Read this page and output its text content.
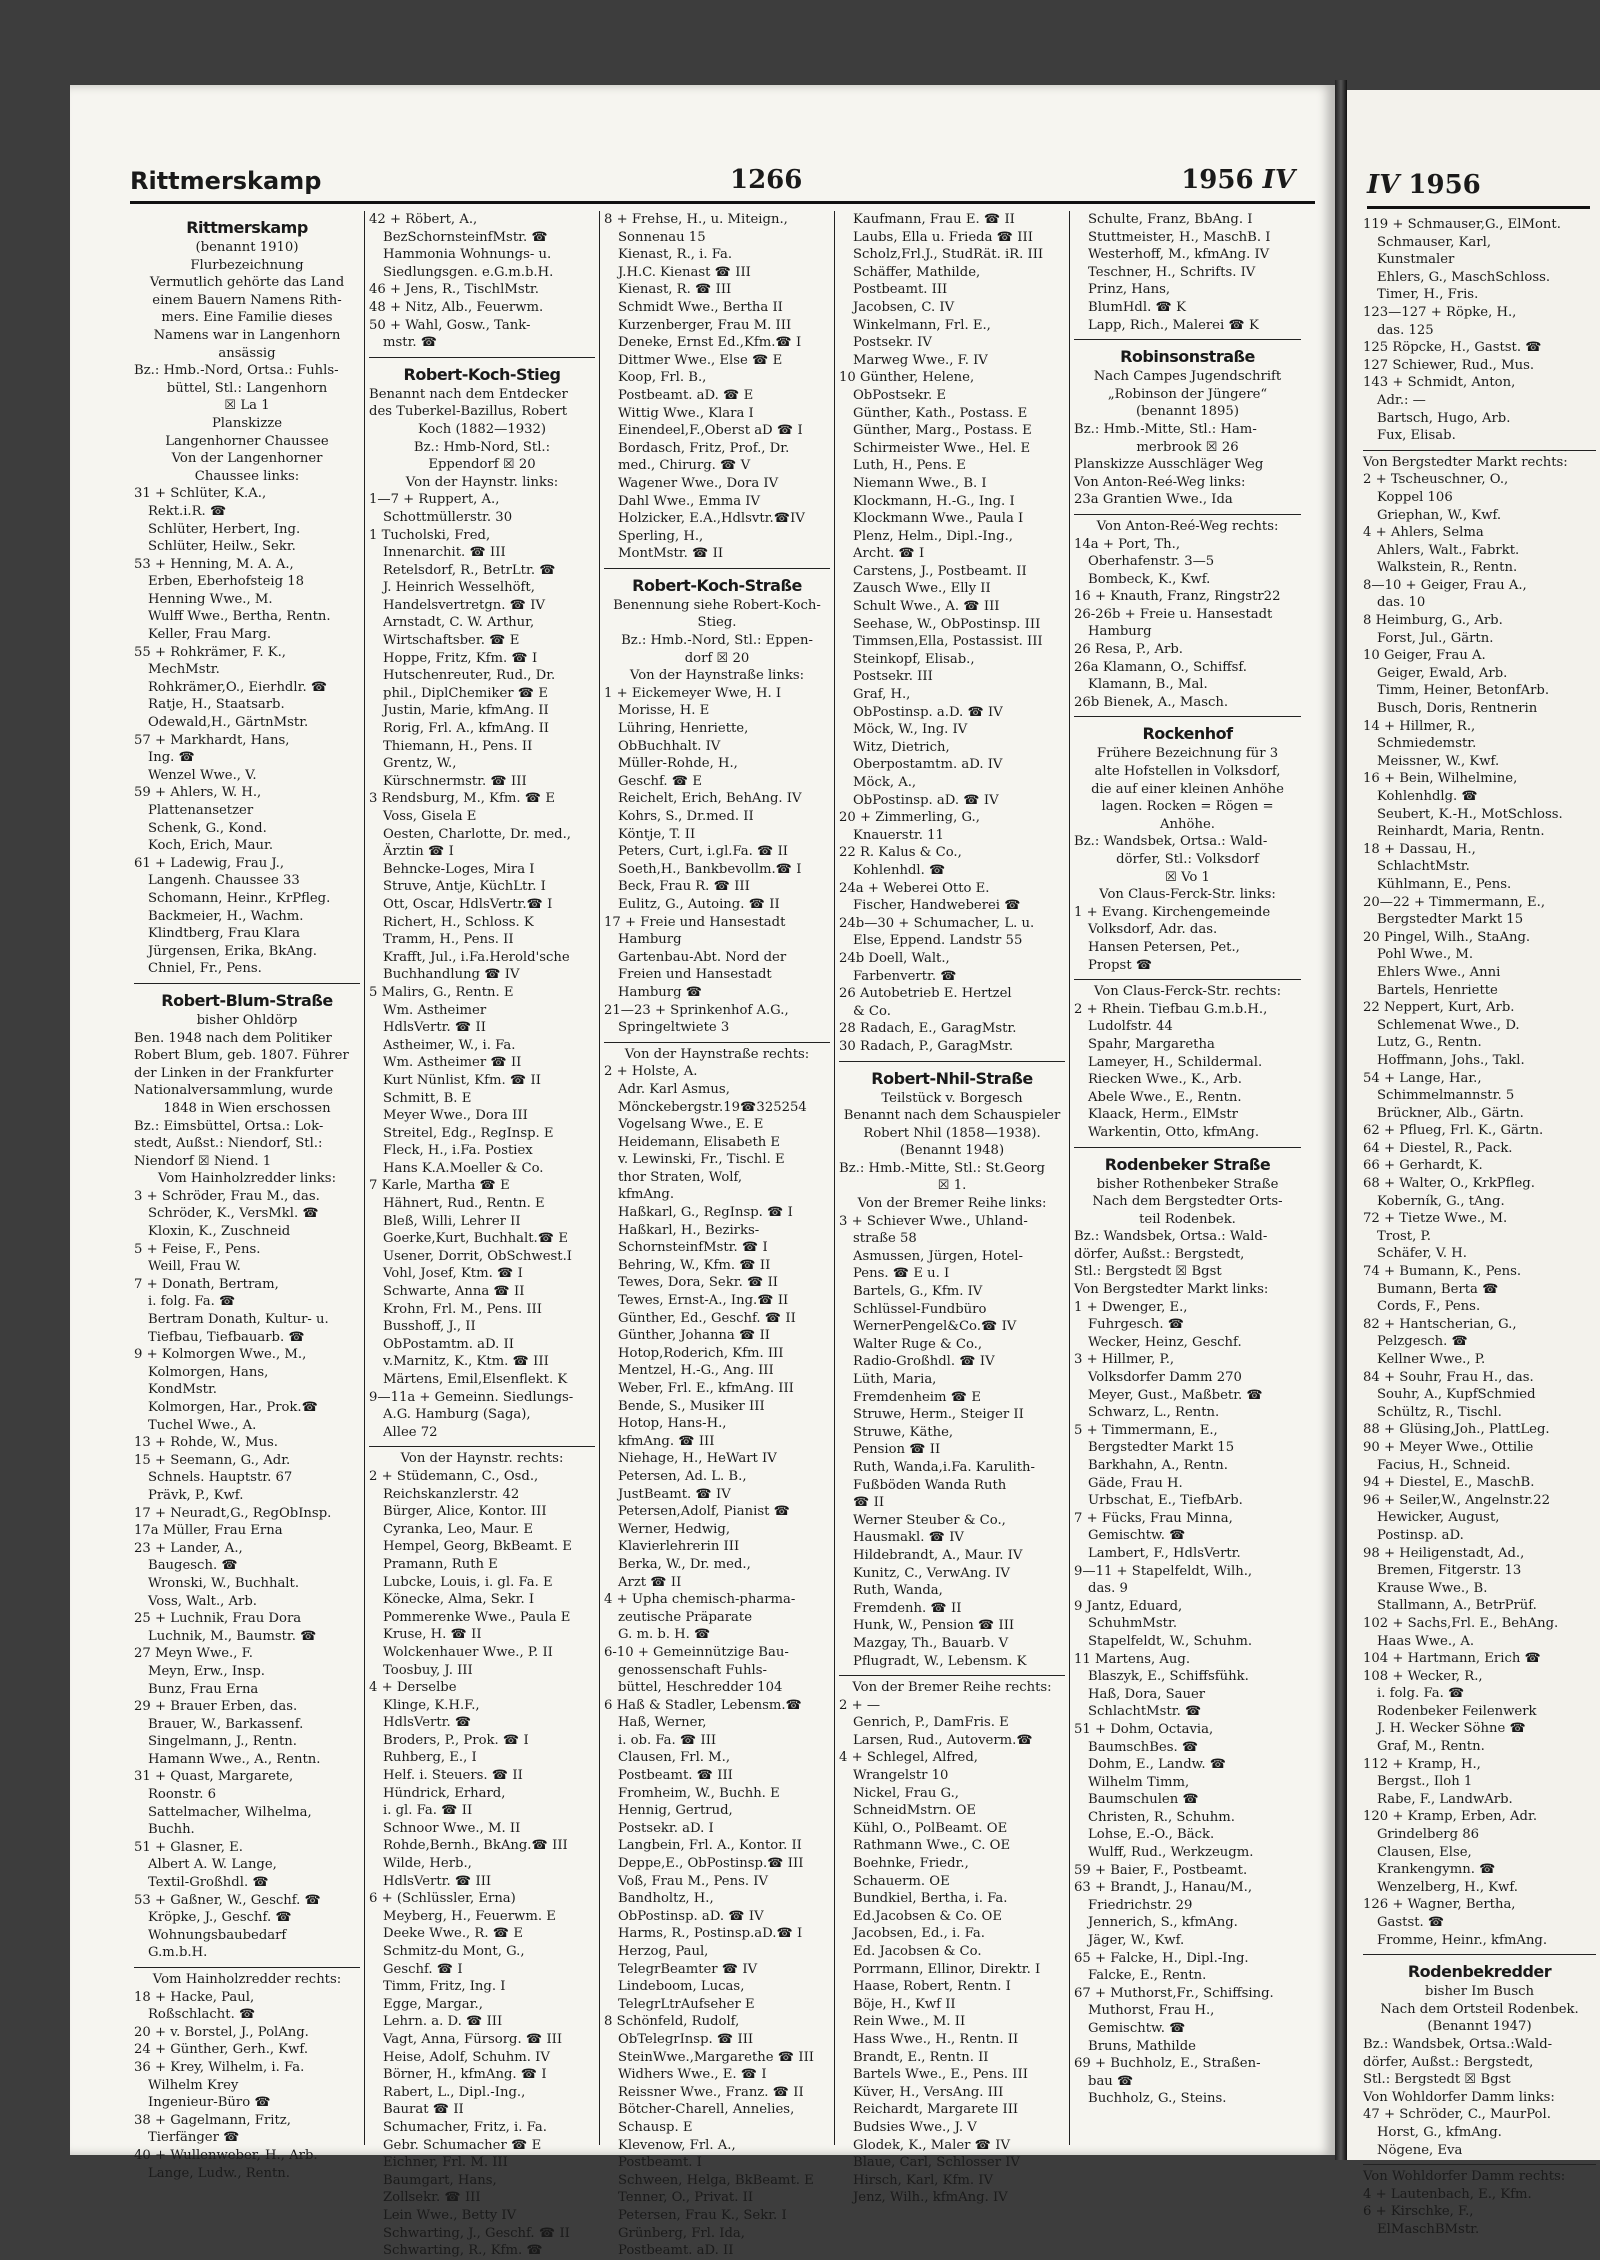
Rittmerskamp	1266	1956 IV
Rittmerskamp
(benannt 1910)
Flurbezeichnung
Vermutlich gehörte das Land
einem Bauern Namens Rith-
mers. Eine Familie dieses
Namens war in Langenhorn
ansässig
Bz.: Hmb.-Nord, Ortsa.: Fuhls-
büttel, Stl.: Langenhorn
☒ La 1
Planskizze
Langenhorner Chaussee
Von der Langenhorner
Chaussee links:
31 + Schlüter, K.A.,
Rekt.i.R. ☎
Schlüter, Herbert, Ing.
Schlüter, Heilw., Sekr.
53 + Henning, M. A. A.,
Erben, Eberhofsteig 18
Henning Wwe., M.
Wulff Wwe., Bertha, Rentn.
Keller, Frau Marg.
55 + Rohkrämer, F. K.,
MechMstr.
Rohkrämer,O., Eierhdlr. ☎
Ratje, H., Staatsarb.
Odewald,H., GärtnMstr.
57 + Markhardt, Hans,
Ing. ☎
Wenzel Wwe., V.
59 + Ahlers, W. H.,
Plattenansetzer
Schenk, G., Kond.
Koch, Erich, Maur.
61 + Ladewig, Frau J.,
Langenh. Chaussee 33
Schomann, Heinr., KrPfleg.
Backmeier, H., Wachm.
Klindtberg, Frau Klara
Jürgensen, Erika, BkAng.
Chniel, Fr., Pens.
Robert-Blum-Straße
bisher Ohldörp
Ben. 1948 nach dem Politiker
Robert Blum, geb. 1807. Führer
der Linken in der Frankfurter
Nationalversammlung, wurde
1848 in Wien erschossen
Bz.: Eimsbüttel, Ortsa.: Lok-
stedt, Außst.: Niendorf, Stl.:
Niendorf ☒ Niend. 1
Vom Hainholzredder links:
3 + Schröder, Frau M., das.
Schröder, K., VersMkl. ☎
Kloxin, K., Zuschneid
5 + Feise, F., Pens.
Weill, Frau W.
7 + Donath, Bertram,
i. folg. Fa. ☎
Bertram Donath, Kultur- u.
Tiefbau, Tiefbauarb. ☎
9 + Kolmorgen Wwe., M.,
Kolmorgen, Hans,
KondMstr.
Kolmorgen, Har., Prok.☎
Tuchel Wwe., A.
13 + Rohde, W., Mus.
15 + Seemann, G., Adr.
Schnels. Hauptstr. 67
Prävk, P., Kwf.
17 + Neuradt,G., RegObInsp.
17a Müller, Frau Erna
23 + Lander, A.,
Baugesch. ☎
Wronski, W., Buchhalt.
Voss, Walt., Arb.
25 + Luchnik, Frau Dora
Luchnik, M., Baumstr. ☎
27 Meyn Wwe., F.
Meyn, Erw., Insp.
Bunz, Frau Erna
29 + Brauer Erben, das.
Brauer, W., Barkassenf.
Singelmann, J., Rentn.
Hamann Wwe., A., Rentn.
31 + Quast, Margarete,
Roonstr. 6
Sattelmacher, Wilhelma,
Buchh.
51 + Glasner, E.
Albert A. W. Lange,
Textil-Großhdl. ☎
53 + Gaßner, W., Geschf. ☎
Kröpke, J., Geschf. ☎
Wohnungsbaubedarf
G.m.b.H.
Vom Hainholzredder rechts:
18 + Hacke, Paul,
Roßschlacht. ☎
20 + v. Borstel, J., PolAng.
24 + Günther, Gerh., Kwf.
36 + Krey, Wilhelm, i. Fa.
Wilhelm Krey
Ingenieur-Büro ☎
38 + Gagelmann, Fritz,
Tierfänger ☎
40 + Wullenweber, H., Arb.
Lange, Ludw., Rentn.
42 + Röbert, A.,
BezSchornsteinfMstr. ☎
Hammonia Wohnungs- u.
Siedlungsgen. e.G.m.b.H.
46 + Jens, R., TischlMstr.
48 + Nitz, Alb., Feuerwm.
50 + Wahl, Gosw., Tank-
mstr. ☎
Robert-Koch-Stieg
Benannt nach dem Entdecker
des Tuberkel-Bazillus, Robert
Koch (1882—1932)
Bz.: Hmb-Nord, Stl.:
Eppendorf ☒ 20
Von der Haynstr. links:
1—7 + Ruppert, A.,
Schottmüllerstr. 30
1 Tucholski, Fred,
Innenarchit. ☎ III
Retelsdorf, R., BetrLtr. ☎
J. Heinrich Wesselhöft,
Handelsvertretgn. ☎ IV
Arnstadt, C. W. Arthur,
Wirtschaftsber. ☎ E
Hoppe, Fritz, Kfm. ☎ I
Hutschenreuter, Rud., Dr.
phil., DiplChemiker ☎ E
Justin, Marie, kfmAng. II
Rorig, Frl. A., kfmAng. II
Thiemann, H., Pens. II
Grentz, W.,
Kürschnermstr. ☎ III
3 Rendsburg, M., Kfm. ☎ E
Voss, Gisela E
Oesten, Charlotte, Dr. med.,
Ärztin ☎ I
Behncke-Loges, Mira I
Struve, Antje, KüchLtr. I
Ott, Oscar, HdlsVertr.☎ I
Richert, H., Schloss. K
Tramm, H., Pens. II
Krafft, Jul., i.Fa.Herold'sche
Buchhandlung ☎ IV
5 Malirs, G., Rentn. E
Wm. Astheimer
HdlsVertr. ☎ II
Astheimer, W., i. Fa.
Wm. Astheimer ☎ II
Kurt Nünlist, Kfm. ☎ II
Schmitt, B. E
Meyer Wwe., Dora III
Streitel, Edg., RegInsp. E
Fleck, H., i.Fa. Postiex
Hans K.A.Moeller & Co.
7 Karle, Martha ☎ E
Hähnert, Rud., Rentn. E
Bleß, Willi, Lehrer II
Goerke,Kurt, Buchhalt.☎ E
Usener, Dorrit, ObSchwest.I
Vohl, Josef, Ktm. ☎ I
Schwarte, Anna ☎ II
Krohn, Frl. M., Pens. III
Busshoff, J., II
ObPostamtm. aD. II
v.Marnitz, K., Ktm. ☎ III
Märtens, Emil,Elsenflekt. K
9—11a + Gemeinn. Siedlungs-
A.G. Hamburg (Saga),
Allee 72
Von der Haynstr. rechts:
2 + Stüdemann, C., Osd.,
Reichskanzlerstr. 42
Bürger, Alice, Kontor. III
Cyranka, Leo, Maur. E
Hempel, Georg, BkBeamt. E
Pramann, Ruth E
Lubcke, Louis, i. gl. Fa. E
Könecke, Alma, Sekr. I
Pommerenke Wwe., Paula E
Kruse, H. ☎ II
Wolckenhauer Wwe., P. II
Toosbuy, J. III
4 + Derselbe
Klinge, K.H.F.,
HdlsVertr. ☎
Broders, P., Prok. ☎ I
Ruhberg, E., I
Helf. i. Steuers. ☎ II
Hündrick, Erhard,
i. gl. Fa. ☎ II
Schnoor Wwe., M. II
Rohde,Bernh., BkAng.☎ III
Wilde, Herb.,
HdlsVertr. ☎ III
6 + (Schlüssler, Erna)
Meyberg, H., Feuerwm. E
Deeke Wwe., R. ☎ E
Schmitz-du Mont, G.,
Geschf. ☎ I
Timm, Fritz, Ing. I
Egge, Margar.,
Lehrn. a. D. ☎ III
Vagt, Anna, Fürsorg. ☎ III
Heise, Adolf, Schuhm. IV
Börner, H., kfmAng. ☎ I
Rabert, L., Dipl.-Ing.,
Baurat ☎ II
Schumacher, Fritz, i. Fa.
Gebr. Schumacher ☎ E
Eichner, Frl. M. III
Baumgart, Hans,
Zollsekr. ☎ III
Lein Wwe., Betty IV
Schwarting, J., Geschf. ☎ II
Schwarting, R., Kfm. ☎
8 + Frehse, H., u. Miteign.,
Sonnenau 15
Kienast, R., i. Fa.
J.H.C. Kienast ☎ III
Kienast, R. ☎ III
Schmidt Wwe., Bertha II
Kurzenberger, Frau M. III
Deneke, Ernst Ed.,Kfm.☎ I
Dittmer Wwe., Else ☎ E
Koop, Frl. B.,
Postbeamt. aD. ☎ E
Wittig Wwe., Klara I
Einendeel,F.,Oberst aD ☎ I
Bordasch, Fritz, Prof., Dr.
med., Chirurg. ☎ V
Wagener Wwe., Dora IV
Dahl Wwe., Emma IV
Holzicker, E.A.,Hdlsvtr.☎IV
Sperling, H.,
MontMstr. ☎ II
Robert-Koch-Straße
Benennung siehe Robert-Koch-
Stieg.
Bz.: Hmb.-Nord, Stl.: Eppen-
dorf ☒ 20
Von der Haynstraße links:
1 + Eickemeyer Wwe, H. I
Morisse, H. E
Lühring, Henriette,
ObBuchhalt. IV
Müller-Rohde, H.,
Geschf. ☎ E
Reichelt, Erich, BehAng. IV
Kohrs, S., Dr.med. II
Köntje, T. II
Peters, Curt, i.gl.Fa. ☎ II
Soeth,H., Bankbevollm.☎ I
Beck, Frau R. ☎ III
Eulitz, G., Autoing. ☎ II
17 + Freie und Hansestadt
Hamburg
Gartenbau-Abt. Nord der
Freien und Hansestadt
Hamburg ☎
21—23 + Sprinkenhof A.G.,
Springeltwiete 3
Von der Haynstraße rechts:
2 + Holste, A.
Adr. Karl Asmus,
Mönckebergstr.19☎325254
Vogelsang Wwe., E. E
Heidemann, Elisabeth E
v. Lewinski, Fr., Tischl. E
thor Straten, Wolf,
kfmAng.
Haßkarl, G., RegInsp. ☎ I
Haßkarl, H., Bezirks-
SchornsteinfMstr. ☎ I
Behring, W., Kfm. ☎ II
Tewes, Dora, Sekr. ☎ II
Tewes, Ernst-A., Ing.☎ II
Günther, Ed., Geschf. ☎ II
Günther, Johanna ☎ II
Hotop,Roderich, Kfm. III
Mentzel, H.-G., Ang. III
Weber, Frl. E., kfmAng. III
Bende, S., Musiker III
Hotop, Hans-H.,
kfmAng. ☎ III
Niehage, H., HeWart IV
Petersen, Ad. L. B.,
JustBeamt. ☎ IV
Petersen,Adolf, Pianist ☎
Werner, Hedwig,
Klavierlehrerin III
Berka, W., Dr. med.,
Arzt ☎ II
4 + Upha chemisch-pharma-
zeutische Präparate
G. m. b. H. ☎
6-10 + Gemeinnützige Bau-
genossenschaft Fuhls-
büttel, Heschredder 104
6 Haß & Stadler, Lebensm.☎
Haß, Werner,
i. ob. Fa. ☎ III
Clausen, Frl. M.,
Postbeamt. ☎ III
Fromheim, W., Buchh. E
Hennig, Gertrud,
Postsekr. aD. I
Langbein, Frl. A., Kontor. II
Deppe,E., ObPostinsp.☎ III
Voß, Frau M., Pens. IV
Bandholtz, H.,
ObPostinsp. aD. ☎ IV
Harms, R., Postinsp.aD.☎ I
Herzog, Paul,
TelegrBeamter ☎ IV
Lindeboom, Lucas,
TelegrLtrAufseher E
8 Schönfeld, Rudolf,
ObTelegrInsp. ☎ III
SteinWwe.,Margarethe ☎ III
Widhers Wwe., E. ☎ I
Reissner Wwe., Franz. ☎ II
Bötcher-Charell, Annelies,
Schausp. E
Klevenow, Frl. A.,
Postbeamt. I
Schween, Helga, BkBeamt. E
Tenner, O., Privat. II
Petersen, Frau K., Sekr. I
Grünberg, Frl. Ida,
Postbeamt. aD. II
Kaufmann, Frau E. ☎ II
Laubs, Ella u. Frieda ☎ III
Scholz,Frl.J., StudRät. iR. III
Schäffer, Mathilde,
Postbeamt. III
Jacobsen, C. IV
Winkelmann, Frl. E.,
Postsekr. IV
Marweg Wwe., F. IV
10 Günther, Helene,
ObPostsekr. E
Günther, Kath., Postass. E
Günther, Marg., Postass. E
Schirmeister Wwe., Hel. E
Luth, H., Pens. E
Niemann Wwe., B. I
Klockmann, H.-G., Ing. I
Klockmann Wwe., Paula I
Plenz, Helm., Dipl.-Ing.,
Archt. ☎ I
Carstens, J., Postbeamt. II
Zausch Wwe., Elly II
Schult Wwe., A. ☎ III
Seehase, W., ObPostinsp. III
Timmsen,Ella, Postassist. III
Steinkopf, Elisab.,
Postsekr. III
Graf, H.,
ObPostinsp. a.D. ☎ IV
Möck, W., Ing. IV
Witz, Dietrich,
Oberpostamtm. aD. IV
Möck, A.,
ObPostinsp. aD. ☎ IV
20 + Zimmerling, G.,
Knauerstr. 11
22 R. Kalus & Co.,
Kohlenhdl. ☎
24a + Weberei Otto E.
Fischer, Handweberei ☎
24b—30 + Schumacher, L. u.
Else, Eppend. Landstr 55
24b Doell, Walt.,
Farbenvertr. ☎
26 Autobetrieb E. Hertzel
& Co.
28 Radach, E., GaragMstr.
30 Radach, P., GaragMstr.
Robert-Nhil-Straße
Teilstück v. Borgesch
Benannt nach dem Schauspieler
Robert Nhil (1858—1938).
(Benannt 1948)
Bz.: Hmb.-Mitte, Stl.: St.Georg
☒ 1.
Von der Bremer Reihe links:
3 + Schiever Wwe., Uhland-
straße 58
Asmussen, Jürgen, Hotel-
Pens. ☎ E u. I
Bartels, G., Kfm. IV
Schlüssel-Fundbüro
WernerPengel&Co.☎ IV
Walter Ruge & Co.,
Radio-Großhdl. ☎ IV
Lüth, Maria,
Fremdenheim ☎ E
Struwe, Herm., Steiger II
Struwe, Käthe,
Pension ☎ II
Ruth, Wanda,i.Fa. Karulith-
Fußböden Wanda Ruth
☎ II
Werner Steuber & Co.,
Hausmakl. ☎ IV
Hildebrandt, A., Maur. IV
Kunitz, C., VerwAng. IV
Ruth, Wanda,
Fremdenh. ☎ II
Hunk, W., Pension ☎ III
Mazgay, Th., Bauarb. V
Pflugradt, W., Lebensm. K
Von der Bremer Reihe rechts:
2 + —
Genrich, P., DamFris. E
Larsen, Rud., Autoverm.☎
4 + Schlegel, Alfred,
Wrangelstr 10
Nickel, Frau G.,
SchneidMstrn. OE
Kühl, O., PolBeamt. OE
Rathmann Wwe., C. OE
Boehnke, Friedr.,
Schauerm. OE
Bundkiel, Bertha, i. Fa.
Ed.Jacobsen & Co. OE
Jacobsen, Ed., i. Fa.
Ed. Jacobsen & Co.
Porrmann, Ellinor, Direktr. I
Haase, Robert, Rentn. I
Böje, H., Kwf II
Rein Wwe., M. II
Hass Wwe., H., Rentn. II
Brandt, E., Rentn. II
Bartels Wwe., E., Pens. III
Küver, H., VersAng. III
Reichardt, Margarete III
Budsies Wwe., J. V
Glodek, K., Maler ☎ IV
Blaue, Carl, Schlosser IV
Hirsch, Karl, Kfm. IV
Jenz, Wilh., kfmAng. IV
Schulte, Franz, BbAng. I
Stuttmeister, H., MaschB. I
Westerhoff, M., kfmAng. IV
Teschner, H., Schrifts. IV
Prinz, Hans,
BlumHdl. ☎ K
Lapp, Rich., Malerei ☎ K
Robinsonstraße
Nach Campes Jugendschrift
„Robinson der Jüngere“
(benannt 1895)
Bz.: Hmb.-Mitte, Stl.: Ham-
merbrook ☒ 26
Planskizze Ausschläger Weg
Von Anton-Reé-Weg links:
23a Grantien Wwe., Ida
Von Anton-Reé-Weg rechts:
14a + Port, Th.,
Oberhafenstr. 3—5
Bombeck, K., Kwf.
16 + Knauth, Franz, Ringstr22
26-26b + Freie u. Hansestadt
Hamburg
26 Resa, P., Arb.
26a Klamann, O., Schiffsf.
Klamann, B., Mal.
26b Bienek, A., Masch.
Rockenhof
Frühere Bezeichnung für 3
alte Hofstellen in Volksdorf,
die auf einer kleinen Anhöhe
lagen. Rocken = Rögen =
Anhöhe.
Bz.: Wandsbek, Ortsa.: Wald-
dörfer, Stl.: Volksdorf
☒ Vo 1
Von Claus-Ferck-Str. links:
1 + Evang. Kirchengemeinde
Volksdorf, Adr. das.
Hansen Petersen, Pet.,
Propst ☎
Von Claus-Ferck-Str. rechts:
2 + Rhein. Tiefbau G.m.b.H.,
Ludolfstr. 44
Spahr, Margaretha
Lameyer, H., Schildermal.
Riecken Wwe., K., Arb.
Abele Wwe., E., Rentn.
Klaack, Herm., ElMstr
Warkentin, Otto, kfmAng.
Rodenbeker Straße
bisher Rothenbeker Straße
Nach dem Bergstedter Orts-
teil Rodenbek.
Bz.: Wandsbek, Ortsa.: Wald-
dörfer, Außst.: Bergstedt,
Stl.: Bergstedt ☒ Bgst
Von Bergstedter Markt links:
1 + Dwenger, E.,
Fuhrgesch. ☎
Wecker, Heinz, Geschf.
3 + Hillmer, P.,
Volksdorfer Damm 270
Meyer, Gust., Maßbetr. ☎
Schwarz, L., Rentn.
5 + Timmermann, E.,
Bergstedter Markt 15
Barkhahn, A., Rentn.
Gäde, Frau H.
Urbschat, E., TiefbArb.
7 + Fücks, Frau Minna,
Gemischtw. ☎
Lambert, F., HdlsVertr.
9—11 + Stapelfeldt, Wilh.,
das. 9
9 Jantz, Eduard,
SchuhmMstr.
Stapelfeldt, W., Schuhm.
11 Martens, Aug.
Blaszyk, E., Schiffsfühk.
Haß, Dora, Sauer
SchlachtMstr. ☎
51 + Dohm, Octavia,
BaumschBes. ☎
Dohm, E., Landw. ☎
Wilhelm Timm,
Baumschulen ☎
Christen, R., Schuhm.
Lohse, E.-O., Bäck.
Wulff, Rud., Werkzeugm.
59 + Baier, F., Postbeamt.
63 + Brandt, J., Hanau/M.,
Friedrichstr. 29
Jennerich, S., kfmAng.
Jäger, W., Kwf.
65 + Falcke, H., Dipl.-Ing.
Falcke, E., Rentn.
67 + Muthorst,Fr., Schiffsing.
Muthorst, Frau H.,
Gemischtw. ☎
Bruns, Mathilde
69 + Buchholz, E., Straßen-
bau ☎
Buchholz, G., Steins.
IV 1956
119 + Schmauser,G., ElMont.
Schmauser, Karl,
Kunstmaler
Ehlers, G., MaschSchloss.
Timer, H., Fris.
123—127 + Röpke, H.,
das. 125
125 Röpcke, H., Gastst. ☎
127 Schiewer, Rud., Mus.
143 + Schmidt, Anton,
Adr.: —
Bartsch, Hugo, Arb.
Fux, Elisab.
Von Bergstedter Markt rechts:
2 + Tscheuschner, O.,
Koppel 106
Griephan, W., Kwf.
4 + Ahlers, Selma
Ahlers, Walt., Fabrkt.
Walkstein, R., Rentn.
8—10 + Geiger, Frau A.,
das. 10
8 Heimburg, G., Arb.
Forst, Jul., Gärtn.
10 Geiger, Frau A.
Geiger, Ewald, Arb.
Timm, Heiner, BetonfArb.
Busch, Doris, Rentnerin
14 + Hillmer, R.,
Schmiedemstr.
Meissner, W., Kwf.
16 + Bein, Wilhelmine,
Kohlenhdlg. ☎
Seubert, K.-H., MotSchloss.
Reinhardt, Maria, Rentn.
18 + Dassau, H.,
SchlachtMstr.
Kühlmann, E., Pens.
20—22 + Timmermann, E.,
Bergstedter Markt 15
20 Pingel, Wilh., StaAng.
Pohl Wwe., M.
Ehlers Wwe., Anni
Bartels, Henriette
22 Neppert, Kurt, Arb.
Schlemenat Wwe., D.
Lutz, G., Rentn.
Hoffmann, Johs., Takl.
54 + Lange, Har.,
Schimmelmannstr. 5
Brückner, Alb., Gärtn.
62 + Pflueg, Frl. K., Gärtn.
64 + Diestel, R., Pack.
66 + Gerhardt, K.
68 + Walter, O., KrkPfleg.
Koberník, G., tAng.
72 + Tietze Wwe., M.
Trost, P.
Schäfer, V. H.
74 + Bumann, K., Pens.
Bumann, Berta ☎
Cords, F., Pens.
82 + Hantscherian, G.,
Pelzgesch. ☎
Kellner Wwe., P.
84 + Souhr, Frau H., das.
Souhr, A., KupfSchmied
Schültz, R., Tischl.
88 + Glüsing,Joh., PlattLeg.
90 + Meyer Wwe., Ottilie
Facius, H., Schneid.
94 + Diestel, E., MaschB.
96 + Seiler,W., Angelnstr.22
Hewicker, August,
Postinsp. aD.
98 + Heiligenstadt, Ad.,
Bremen, Fitgerstr. 13
Krause Wwe., B.
Stallmann, A., BetrPrüf.
102 + Sachs,Frl. E., BehAng.
Haas Wwe., A.
104 + Hartmann, Erich ☎
108 + Wecker, R.,
i. folg. Fa. ☎
Rodenbeker Feilenwerk
J. H. Wecker Söhne ☎
Graf, M., Rentn.
112 + Kramp, H.,
Bergst., Iloh 1
Rabe, F., LandwArb.
120 + Kramp, Erben, Adr.
Grindelberg 86
Clausen, Else,
Krankengymn. ☎
Wenzelberg, H., Kwf.
126 + Wagner, Bertha,
Gastst. ☎
Fromme, Heinr., kfmAng.
Rodenbekredder
bisher Im Busch
Nach dem Ortsteil Rodenbek.
(Benannt 1947)
Bz.: Wandsbek, Ortsa.:Wald-
dörfer, Außst.: Bergstedt,
Stl.: Bergstedt ☒ Bgst
Von Wohldorfer Damm links:
47 + Schröder, C., MaurPol.
Horst, G., kfmAng.
Nögene, Eva
Von Wohldorfer Damm rechts:
4 + Lautenbach, E., Kfm.
6 + Kirschke, F.,
ElMaschBMstr.
